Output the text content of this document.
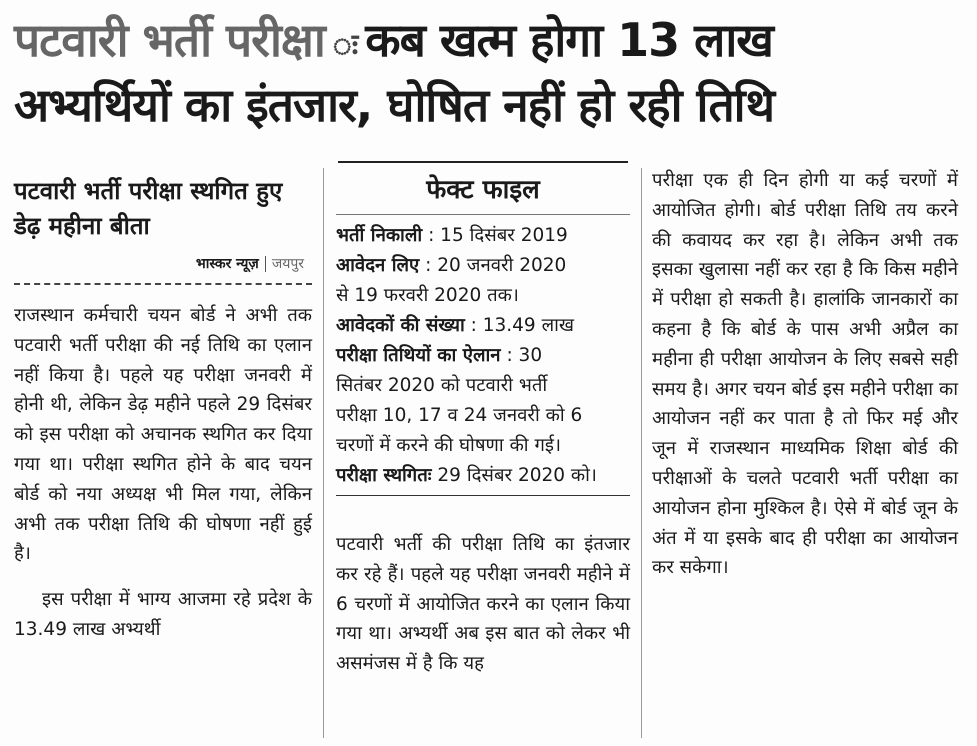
पटवारी भर्ती परीक्षा ः कब खत्म होगा 13 लाख
अभ्यर्थियों का इंतजार, घोषित नहीं हो रही तिथि
पटवारी भर्ती परीक्षा स्थगित हुए डेढ़ महीना बीता
भास्कर न्यूज़ जयपुर

राजस्थान कर्मचारी चयन बोर्ड ने अभी तक पटवारी भर्ती परीक्षा की नई तिथि का एलान नहीं किया है। पहले यह परीक्षा जनवरी में होनी थी, लेकिन डेढ़ महीने पहले 29 दिसंबर को इस परीक्षा को अचानक स्थगित कर दिया गया था। परीक्षा स्थगित होने के बाद चयन बोर्ड को नया अध्यक्ष भी मिल गया, लेकिन अभी तक परीक्षा तिथि की घोषणा नहीं हुई है।

इस परीक्षा में भाग्य आजमा रहे प्रदेश के 13.49 लाख अभ्यर्थी

फेक्ट फाइल
भर्ती निकाली : 15 दिसंबर 2019
आवेदन लिए : 20 जनवरी 2020
से 19 फरवरी 2020 तक।
आवेदकों की संख्या : 13.49 लाख
परीक्षा तिथियों का ऐलान : 30
सितंबर 2020 को पटवारी भर्ती
परीक्षा 10, 17 व 24 जनवरी को 6
चरणों में करने की घोषणा की गई।
परीक्षा स्थगितः 29 दिसंबर 2020 को।

पटवारी भर्ती की परीक्षा तिथि का इंतजार कर रहे हैं। पहले यह परीक्षा जनवरी महीने में 6 चरणों में आयोजित करने का एलान किया गया था। अभ्यर्थी अब इस बात को लेकर भी असमंजस में है कि यह

परीक्षा एक ही दिन होगी या कई चरणों में आयोजित होगी। बोर्ड परीक्षा तिथि तय करने की कवायद कर रहा है। लेकिन अभी तक इसका खुलासा नहीं कर रहा है कि किस महीने में परीक्षा हो सकती है। हालांकि जानकारों का कहना है कि बोर्ड के पास अभी अप्रैल का महीना ही परीक्षा आयोजन के लिए सबसे सही समय है। अगर चयन बोर्ड इस महीने परीक्षा का आयोजन नहीं कर पाता है तो फिर मई और जून में राजस्थान माध्यमिक शिक्षा बोर्ड की परीक्षाओं के चलते पटवारी भर्ती परीक्षा का आयोजन होना मुश्किल है। ऐसे में बोर्ड जून के अंत में या इसके बाद ही परीक्षा का आयोजन कर सकेगा।
